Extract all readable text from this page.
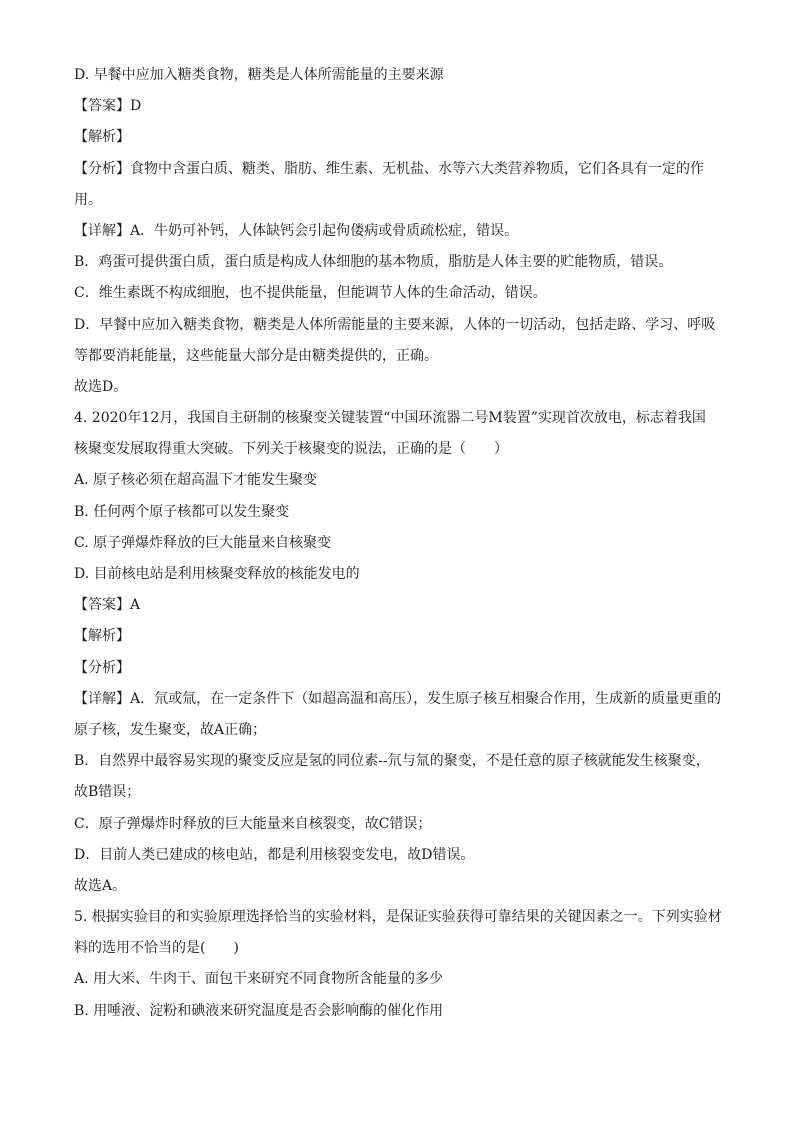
D. 早餐中应加入糖类食物，糖类是人体所需能量的主要来源
【答案】D
【解析】
【分析】食物中含蛋白质、糖类、脂肪、维生素、无机盐、水等六大类营养物质，它们各具有一定的作
用。
【详解】A．牛奶可补钙，人体缺钙会引起佝偻病或骨质疏松症，错误。
B．鸡蛋可提供蛋白质，蛋白质是构成人体细胞的基本物质，脂肪是人体主要的贮能物质，错误。
C．维生素既不构成细胞，也不提供能量，但能调节人体的生命活动，错误。
D．早餐中应加入糖类食物，糖类是人体所需能量的主要来源，人体的一切活动，包括走路、学习、呼吸
等都要消耗能量，这些能量大部分是由糖类提供的，正确。
故选D。
4. 2020年12月，我国自主研制的核聚变关键装置“中国环流器二号M装置”实现首次放电，标志着我国
核聚变发展取得重大突破。下列关于核聚变的说法，正确的是（　　）
A. 原子核必须在超高温下才能发生聚变
B. 任何两个原子核都可以发生聚变
C. 原子弹爆炸释放的巨大能量来自核聚变
D. 目前核电站是利用核聚变释放的核能发电的
【答案】A
【解析】
【分析】
【详解】A．氘或氚，在一定条件下（如超高温和高压），发生原子核互相聚合作用，生成新的质量更重的
原子核，发生聚变，故A正确；
B．自然界中最容易实现的聚变反应是氢的同位素--氘与氚的聚变，不是任意的原子核就能发生核聚变，
故B错误；
C．原子弹爆炸时释放的巨大能量来自核裂变，故C错误；
D．目前人类已建成的核电站，都是利用核裂变发电，故D错误。
故选A。
5. 根据实验目的和实验原理选择恰当的实验材料，是保证实验获得可靠结果的关键因素之一。下列实验材
料的选用不恰当的是(　　)
A. 用大米、牛肉干、面包干来研究不同食物所含能量的多少
B. 用唾液、淀粉和碘液来研究温度是否会影响酶的催化作用
